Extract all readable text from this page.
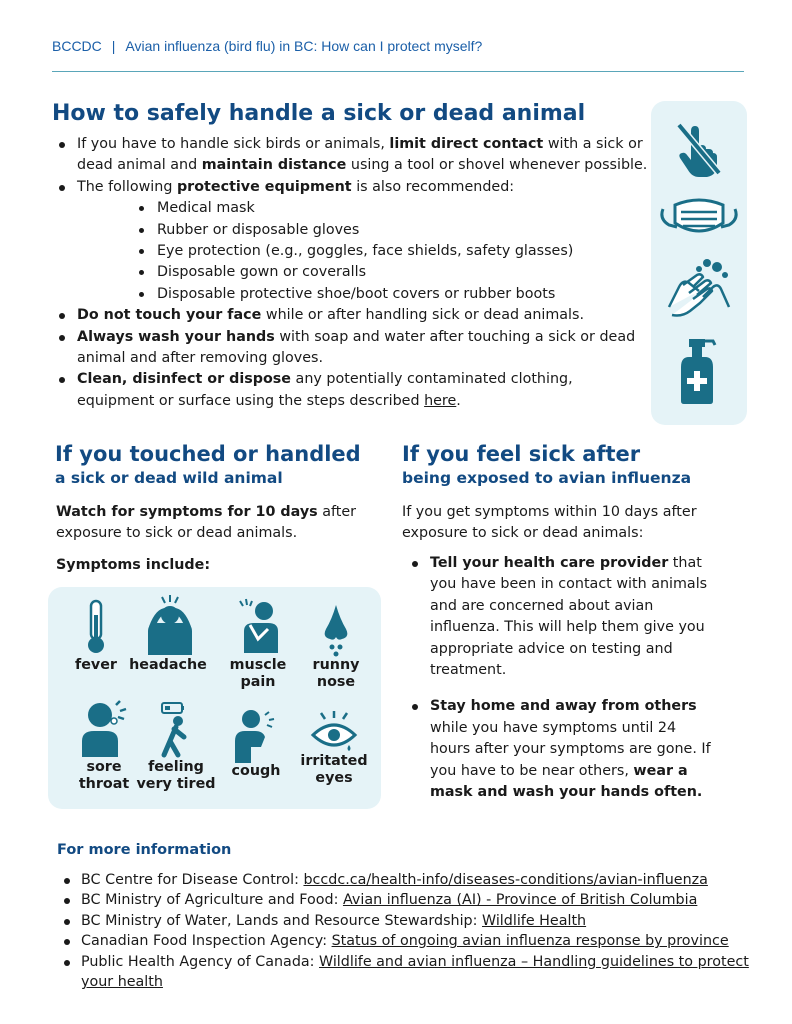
BCCDC | Avian influenza (bird flu) in BC: How can I protect myself?
How to safely handle a sick or dead animal
If you have to handle sick birds or animals, limit direct contact with a sick or dead animal and maintain distance using a tool or shovel whenever possible.
The following protective equipment is also recommended:
Medical mask
Rubber or disposable gloves
Eye protection (e.g., goggles, face shields, safety glasses)
Disposable gown or coveralls
Disposable protective shoe/boot covers or rubber boots
Do not touch your face while or after handling sick or dead animals.
Always wash your hands with soap and water after touching a sick or dead animal and after removing gloves.
Clean, disinfect or dispose any potentially contaminated clothing, equipment or surface using the steps described here.
If you touched or handled
a sick or dead wild animal
Watch for symptoms for 10 days after exposure to sick or dead animals.
Symptoms include:
fever headache	muscle pain
runny nose
sore throat
feeling very tired
cough
irritated eyes
If you feel sick after
being exposed to avian influenza
If you get symptoms within 10 days after exposure to sick or dead animals:
Tell your health care provider that you have been in contact with animals and are concerned about avian influenza. This will help them give you appropriate advice on testing and treatment.
Stay home and away from others while you have symptoms until 24 hours after your symptoms are gone. If you have to be near others, wear a mask and wash your hands often.
For more information
BC Centre for Disease Control: bccdc.ca/health-info/diseases-conditions/avian-influenza
BC Ministry of Agriculture and Food: Avian influenza (AI) - Province of British Columbia
BC Ministry of Water, Lands and Resource Stewardship: Wildlife Health
Canadian Food Inspection Agency: Status of ongoing avian influenza response by province
Public Health Agency of Canada: Wildlife and avian influenza – Handling guidelines to protect your health
